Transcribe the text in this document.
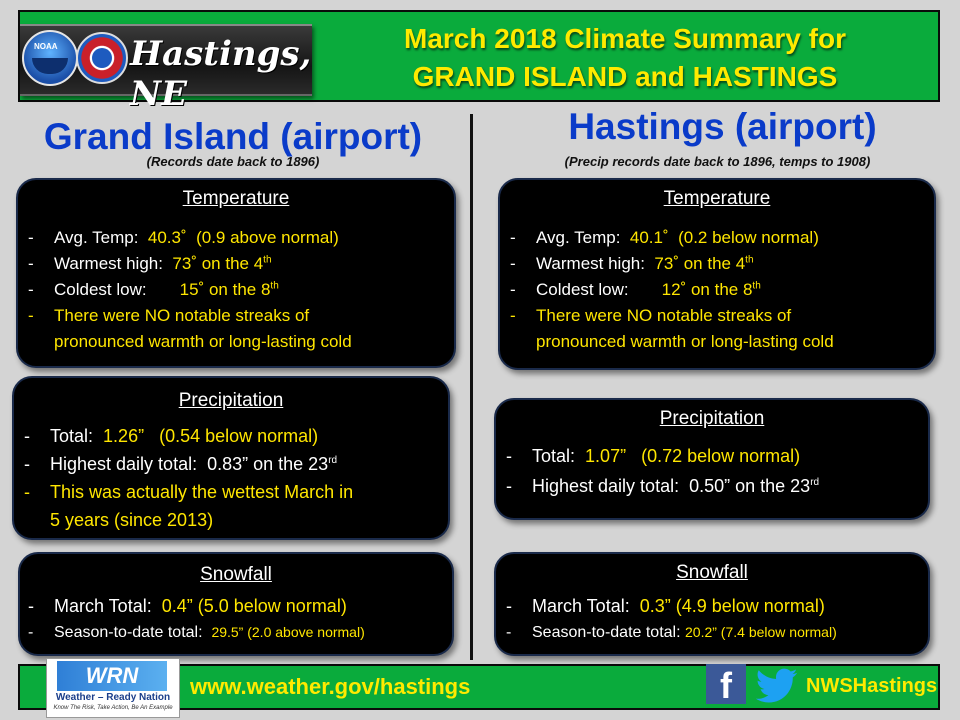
NOAA Hastings, NE
March 2018 Climate Summary for
GRAND ISLAND and HASTINGS
Grand Island (airport)
(Records date back to 1896)
Temperature
- Avg. Temp: 40.3˚ (0.9 above normal)
- Warmest high: 73˚ on the 4th
- Coldest low: 15˚ on the 8th
- There were NO notable streaks of
pronounced warmth or long-lasting cold
Precipitation
- Total: 1.26” (0.54 below normal)
- Highest daily total: 0.83” on the 23rd
- This was actually the wettest March in
5 years (since 2013)
Snowfall
- March Total: 0.4” (5.0 below normal)
- Season-to-date total: 29.5” (2.0 above normal)
Hastings (airport)
(Precip records date back to 1896, temps to 1908)
Temperature
- Avg. Temp: 40.1˚ (0.2 below normal)
- Warmest high: 73˚ on the 4th
- Coldest low: 12˚ on the 8th
- There were NO notable streaks of
pronounced warmth or long-lasting cold
Precipitation
- Total: 1.07” (0.72 below normal)
- Highest daily total: 0.50” on the 23rd
Snowfall
- March Total: 0.3” (4.9 below normal)
- Season-to-date total: 20.2” (7.4 below normal)
WRN
Weather – Ready Nation
Know The Risk, Take Action, Be An Example
www.weather.gov/hastings	f	NWSHastings
